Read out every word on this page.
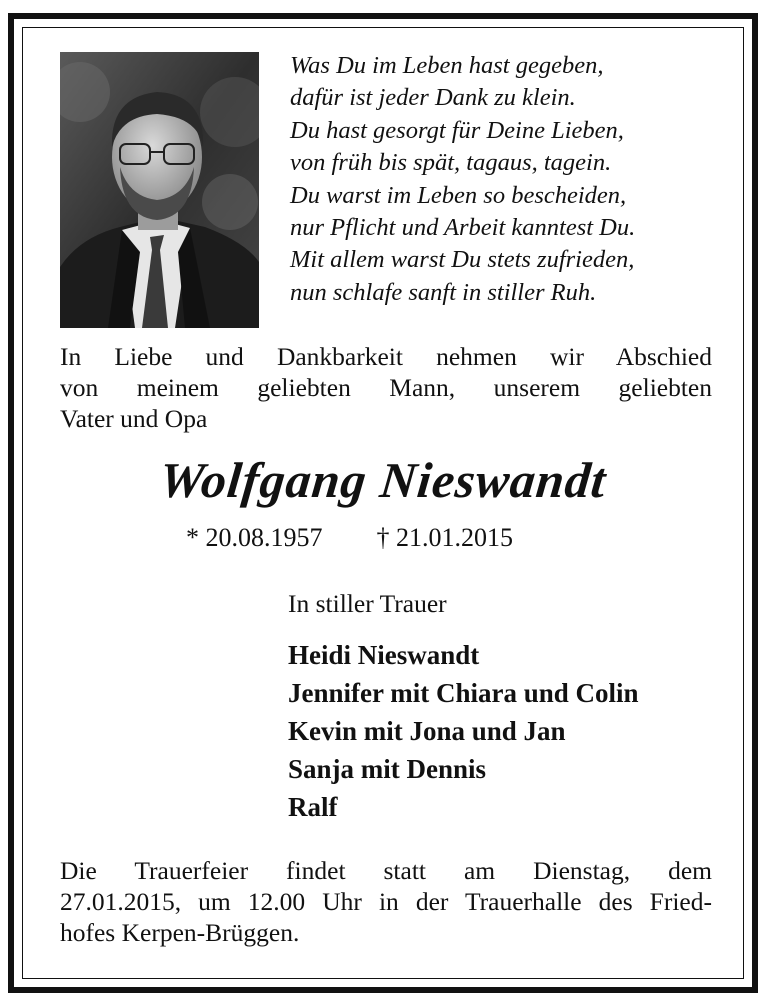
Was Du im Leben hast gegeben,
dafür ist jeder Dank zu klein.
Du hast gesorgt für Deine Lieben,
von früh bis spät, tagaus, tagein.
Du warst im Leben so bescheiden,
nur Pflicht und Arbeit kanntest Du.
Mit allem warst Du stets zufrieden,
nun schlafe sanft in stiller Ruh.
In Liebe und Dankbarkeit nehmen wir Abschied
von meinem geliebten Mann, unserem geliebten
Vater und Opa
Wolfgang Nieswandt
* 20.08.1957 † 21.01.2015
In stiller Trauer
Heidi Nieswandt
Jennifer mit Chiara und Colin
Kevin mit Jona und Jan
Sanja mit Dennis
Ralf
Die Trauerfeier findet statt am Dienstag, dem
27.01.2015, um 12.00 Uhr in der Trauerhalle des Fried-
hofes Kerpen-Brüggen.
